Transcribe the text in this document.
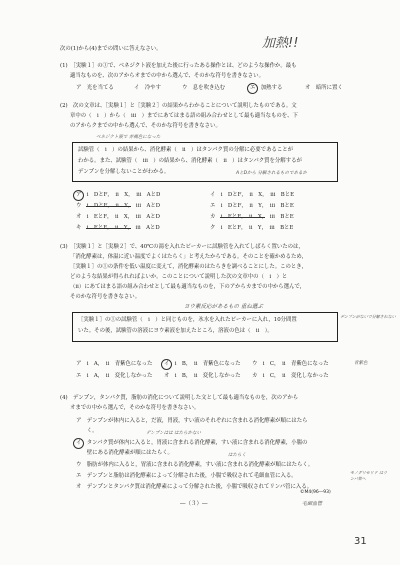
次の(1)から(4)までの問いに答えなさい。	加熱!!
(1)　［実験１］の①で、ベネジクト液を加えた後に行ったある操作とは、どのような操作か。最も
適当なものを、次のアからオまでの中から選んで、そのかな符号を書きなさい。
ア　光を当てる	イ　冷やす	ウ　息を吹き込む	エ　加熱する	オ　暗所に置く
(2)　次の文章は、［実験１］と［実験２］の結果からわかることについて説明したものである。文
章中の（　ⅰ　）から（　ⅲ　）までにあてはまる語の組み合わせとして最も適当なものを、下
のアからクまでの中から選んで、そのかな符号を書きなさい。
ベネジクト液で 赤褐色になった
試験管（　ⅰ　）の結果から、消化酵素（　ⅱ　）はタンパク質の分解に必要であることが
わかる。また、試験管（　ⅲ　）の結果から、消化酵素（　ⅱ　）はタンパク質を分解するが
デンプンを分解しないことがわかる。	AとDから 分解されるものであるか
ア　ⅰ　DとF，　ⅱ　X，　ⅲ　AとD	イ　ⅰ　DとF，　ⅱ　X，　ⅲ　BとE
ウ　ⅰ　DとF，　ⅱ　Y，　ⅲ　AとD	エ　ⅰ　DとF，　ⅱ　Y，　ⅲ　BとE
オ　ⅰ　EとF，　ⅱ　X，　ⅲ　AとD	カ　ⅰ　EとF，　ⅱ　X，　ⅲ　BとE
キ　ⅰ　EとF，　ⅱ　Y，　ⅲ　AとD	ク　ⅰ　EとF，　ⅱ　Y，　ⅲ　BとE
(3)　［実験１］と［実験２］で、40℃の湯を入れたビーカーに試験管を入れてしばらく置いたのは，
「消化酵素は，体温に近い温度でよくはたらく」と考えたからである。そのことを確かめるため，
［実験１］の①の条件を低い温度に変えて，消化酵素のはたらきを調べることにした。このとき，
どのような結果が得られればよいか。このことについて説明した次の文章中の（　ⅰ　）と
（ⅱ）にあてはまる語の組み合わせとして最も適当なものを，下のアからカまでの中から選んで，
そのかな符号を書きなさい。
ヨウ素反応があるもの 重ね選ぶ
［実験１］の①の試験管（　ⅰ　）と同じものを，氷水を入れたビーカーに入れ，10分間置
いた。その後，試験管の溶液にヨウ素液を加えたところ，溶液の色は（　ⅱ　）。
デンプンがないで分解されない
青紫色
ア　ⅰ　A，　ⅱ　青紫色になった イ　ⅰ　B，　ⅱ　青紫色になった ウ　ⅰ　C，　ⅱ　青紫色になった
エ　ⅰ　A，　ⅱ　変化しなかった オ　ⅰ　B，　ⅱ　変化しなかった カ　ⅰ　C，　ⅱ　変化しなかった
(4)　デンプン，タンパク質，脂肪の消化について説明した文として最も適当なものを，次のアから
オまでの中から選んで，そのかな符号を書きなさい。
ア　デンプンが体内に入ると，だ液，胃液，すい液のそれぞれに含まれる消化酵素が順にはたら
　　く。	デンプンはは はたらかない
イ　タンパク質が体内に入ると，胃液に含まれる消化酵素，すい液に含まれる消化酵素，小腸の
　　壁にある消化酵素が順にはたらく。	はたらく
ウ　脂肪が体内に入ると，胃液に含まれる消化酵素，すい液に含まれる消化酵素が順にはたらく。
エ　デンプンと脂肪は消化酵素によって分解された後，小腸で吸収されて毛細血管に入る。
オ　デンプンとタンパク質は消化酵素によって分解された後，小腸で吸収されてリンパ管に入る。
モノグリセリド はリンパ管へ
毛細血管
―（３）―
©M4(96―93)
31
